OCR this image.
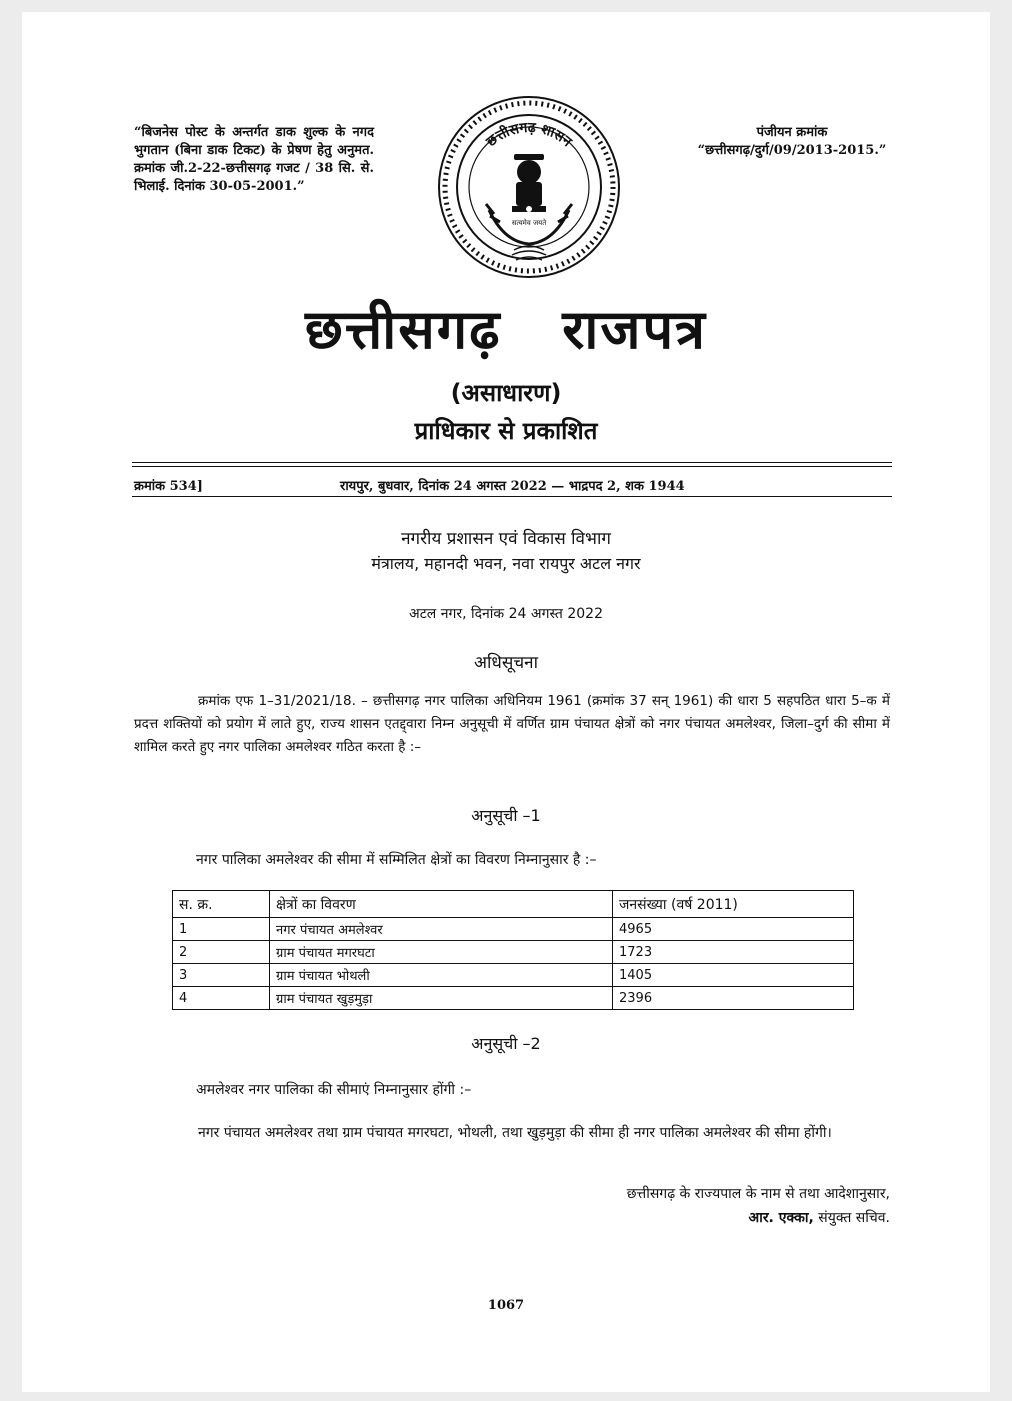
“बिजनेस पोस्ट के अन्तर्गत डाक शुल्क के नगद भुगतान (बिना डाक टिकट) के प्रेषण हेतु अनुमत. क्रमांक जी.2-22-छत्तीसगढ़ गजट / 38 सि. से. भिलाई. दिनांक 30-05-2001.”
पंजीयन क्रमांक
“छत्तीसगढ़/दुर्ग/09/2013-2015.”
छत्तीसगढ़ शासन
सत्यमेव जयते
छत्तीसगढ़ राजपत्र
(असाधारण)
प्राधिकार से प्रकाशित
क्रमांक 534]	रायपुर, बुधवार, दिनांक 24 अगस्त 2022 — भाद्रपद 2, शक 1944
नगरीय प्रशासन एवं विकास विभाग
मंत्रालय, महानदी भवन, नवा रायपुर अटल नगर
अटल नगर, दिनांक 24 अगस्त 2022
अधिसूचना
क्रमांक एफ 1–31/2021/18. – छत्तीसगढ़ नगर पालिका अधिनियम 1961 (क्रमांक 37 सन् 1961) की धारा 5 सहपठित धारा 5–क में प्रदत्त शक्तियों को प्रयोग में लाते हुए, राज्य शासन एतद्द्वारा निम्न अनुसूची में वर्णित ग्राम पंचायत क्षेत्रों को नगर पंचायत अमलेश्वर, जिला–दुर्ग की सीमा में शामिल करते हुए नगर पालिका अमलेश्वर गठित करता है :–
अनुसूची –1
नगर पालिका अमलेश्वर की सीमा में सम्मिलित क्षेत्रों का विवरण निम्नानुसार है :–
स. क्र.	क्षेत्रों का विवरण	जनसंख्या (वर्ष 2011)
1	नगर पंचायत अमलेश्वर	4965
2	ग्राम पंचायत मगरघटा	1723
3	ग्राम पंचायत भोथली	1405
4	ग्राम पंचायत खुड़मुड़ा	2396
अनुसूची –2
अमलेश्वर नगर पालिका की सीमाएं निम्नानुसार होंगी :–
नगर पंचायत अमलेश्वर तथा ग्राम पंचायत मगरघटा, भोथली, तथा खुड़मुड़ा की सीमा ही नगर पालिका अमलेश्वर की सीमा होंगी।
छत्तीसगढ़ के राज्यपाल के नाम से तथा आदेशानुसार,
आर. एक्का, संयुक्त सचिव.
1067
